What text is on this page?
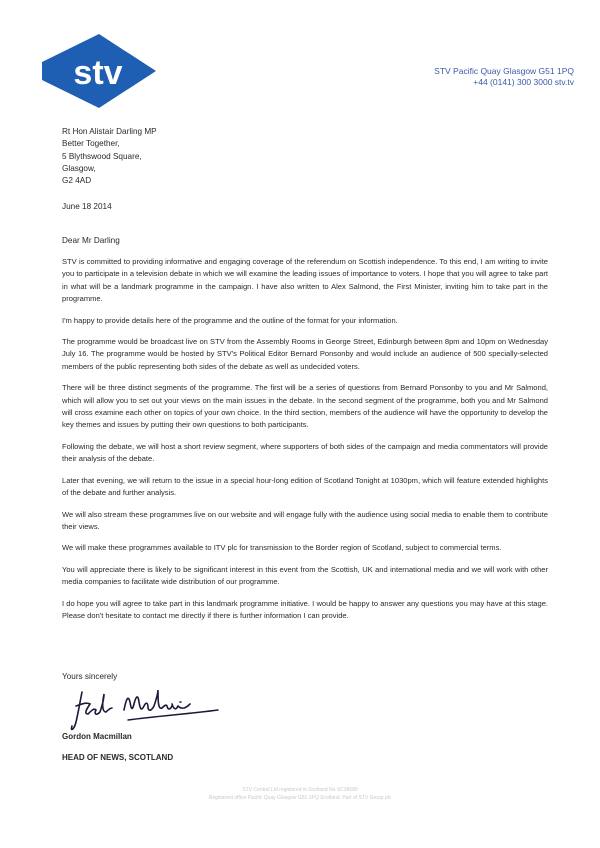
stv	STV Pacific Quay Glasgow G51 1PQ
+44 (0141) 300 3000 stv.tv
Rt Hon Alistair Darling MP
Better Together,
5 Blythswood Square,
Glasgow,
G2 4AD
June 18 2014
Dear Mr Darling

STV is committed to providing informative and engaging coverage of the referendum on Scottish independence. To this end, I am writing to invite you to participate in a television debate in which we will examine the leading issues of importance to voters. I hope that you will agree to take part in what will be a landmark programme in the campaign. I have also written to Alex Salmond, the First Minister, inviting him to take part in the programme.

I'm happy to provide details here of the programme and the outline of the format for your information.

The programme would be broadcast live on STV from the Assembly Rooms in George Street, Edinburgh between 8pm and 10pm on Wednesday July 16. The programme would be hosted by STV's Political Editor Bernard Ponsonby and would include an audience of 500 specially-selected members of the public representing both sides of the debate as well as undecided voters.

There will be three distinct segments of the programme. The first will be a series of questions from Bernard Ponsonby to you and Mr Salmond, which will allow you to set out your views on the main issues in the debate. In the second segment of the programme, both you and Mr Salmond will cross examine each other on topics of your own choice. In the third section, members of the audience will have the opportunity to develop the key themes and issues by putting their own questions to both participants.

Following the debate, we will host a short review segment, where supporters of both sides of the campaign and media commentators will provide their analysis of the debate.

Later that evening, we will return to the issue in a special hour-long edition of Scotland Tonight at 1030pm, which will feature extended highlights of the debate and further analysis.

We will also stream these programmes live on our website and will engage fully with the audience using social media to enable them to contribute their views.

We will make these programmes available to ITV plc for transmission to the Border region of Scotland, subject to commercial terms.

You will appreciate there is likely to be significant interest in this event from the Scottish, UK and international media and we will work with other media companies to facilitate wide distribution of our programme.

I do hope you will agree to take part in this landmark programme initiative. I would be happy to answer any questions you may have at this stage. Please don't hesitate to contact me directly if there is further information I can provide.

Yours sincerely
Gordon Macmillan
HEAD OF NEWS, SCOTLAND
STV Central Ltd registered in Scotland No SC38689
Registered office Pacific Quay Glasgow G51 1PQ Scotland. Part of STV Group plc
